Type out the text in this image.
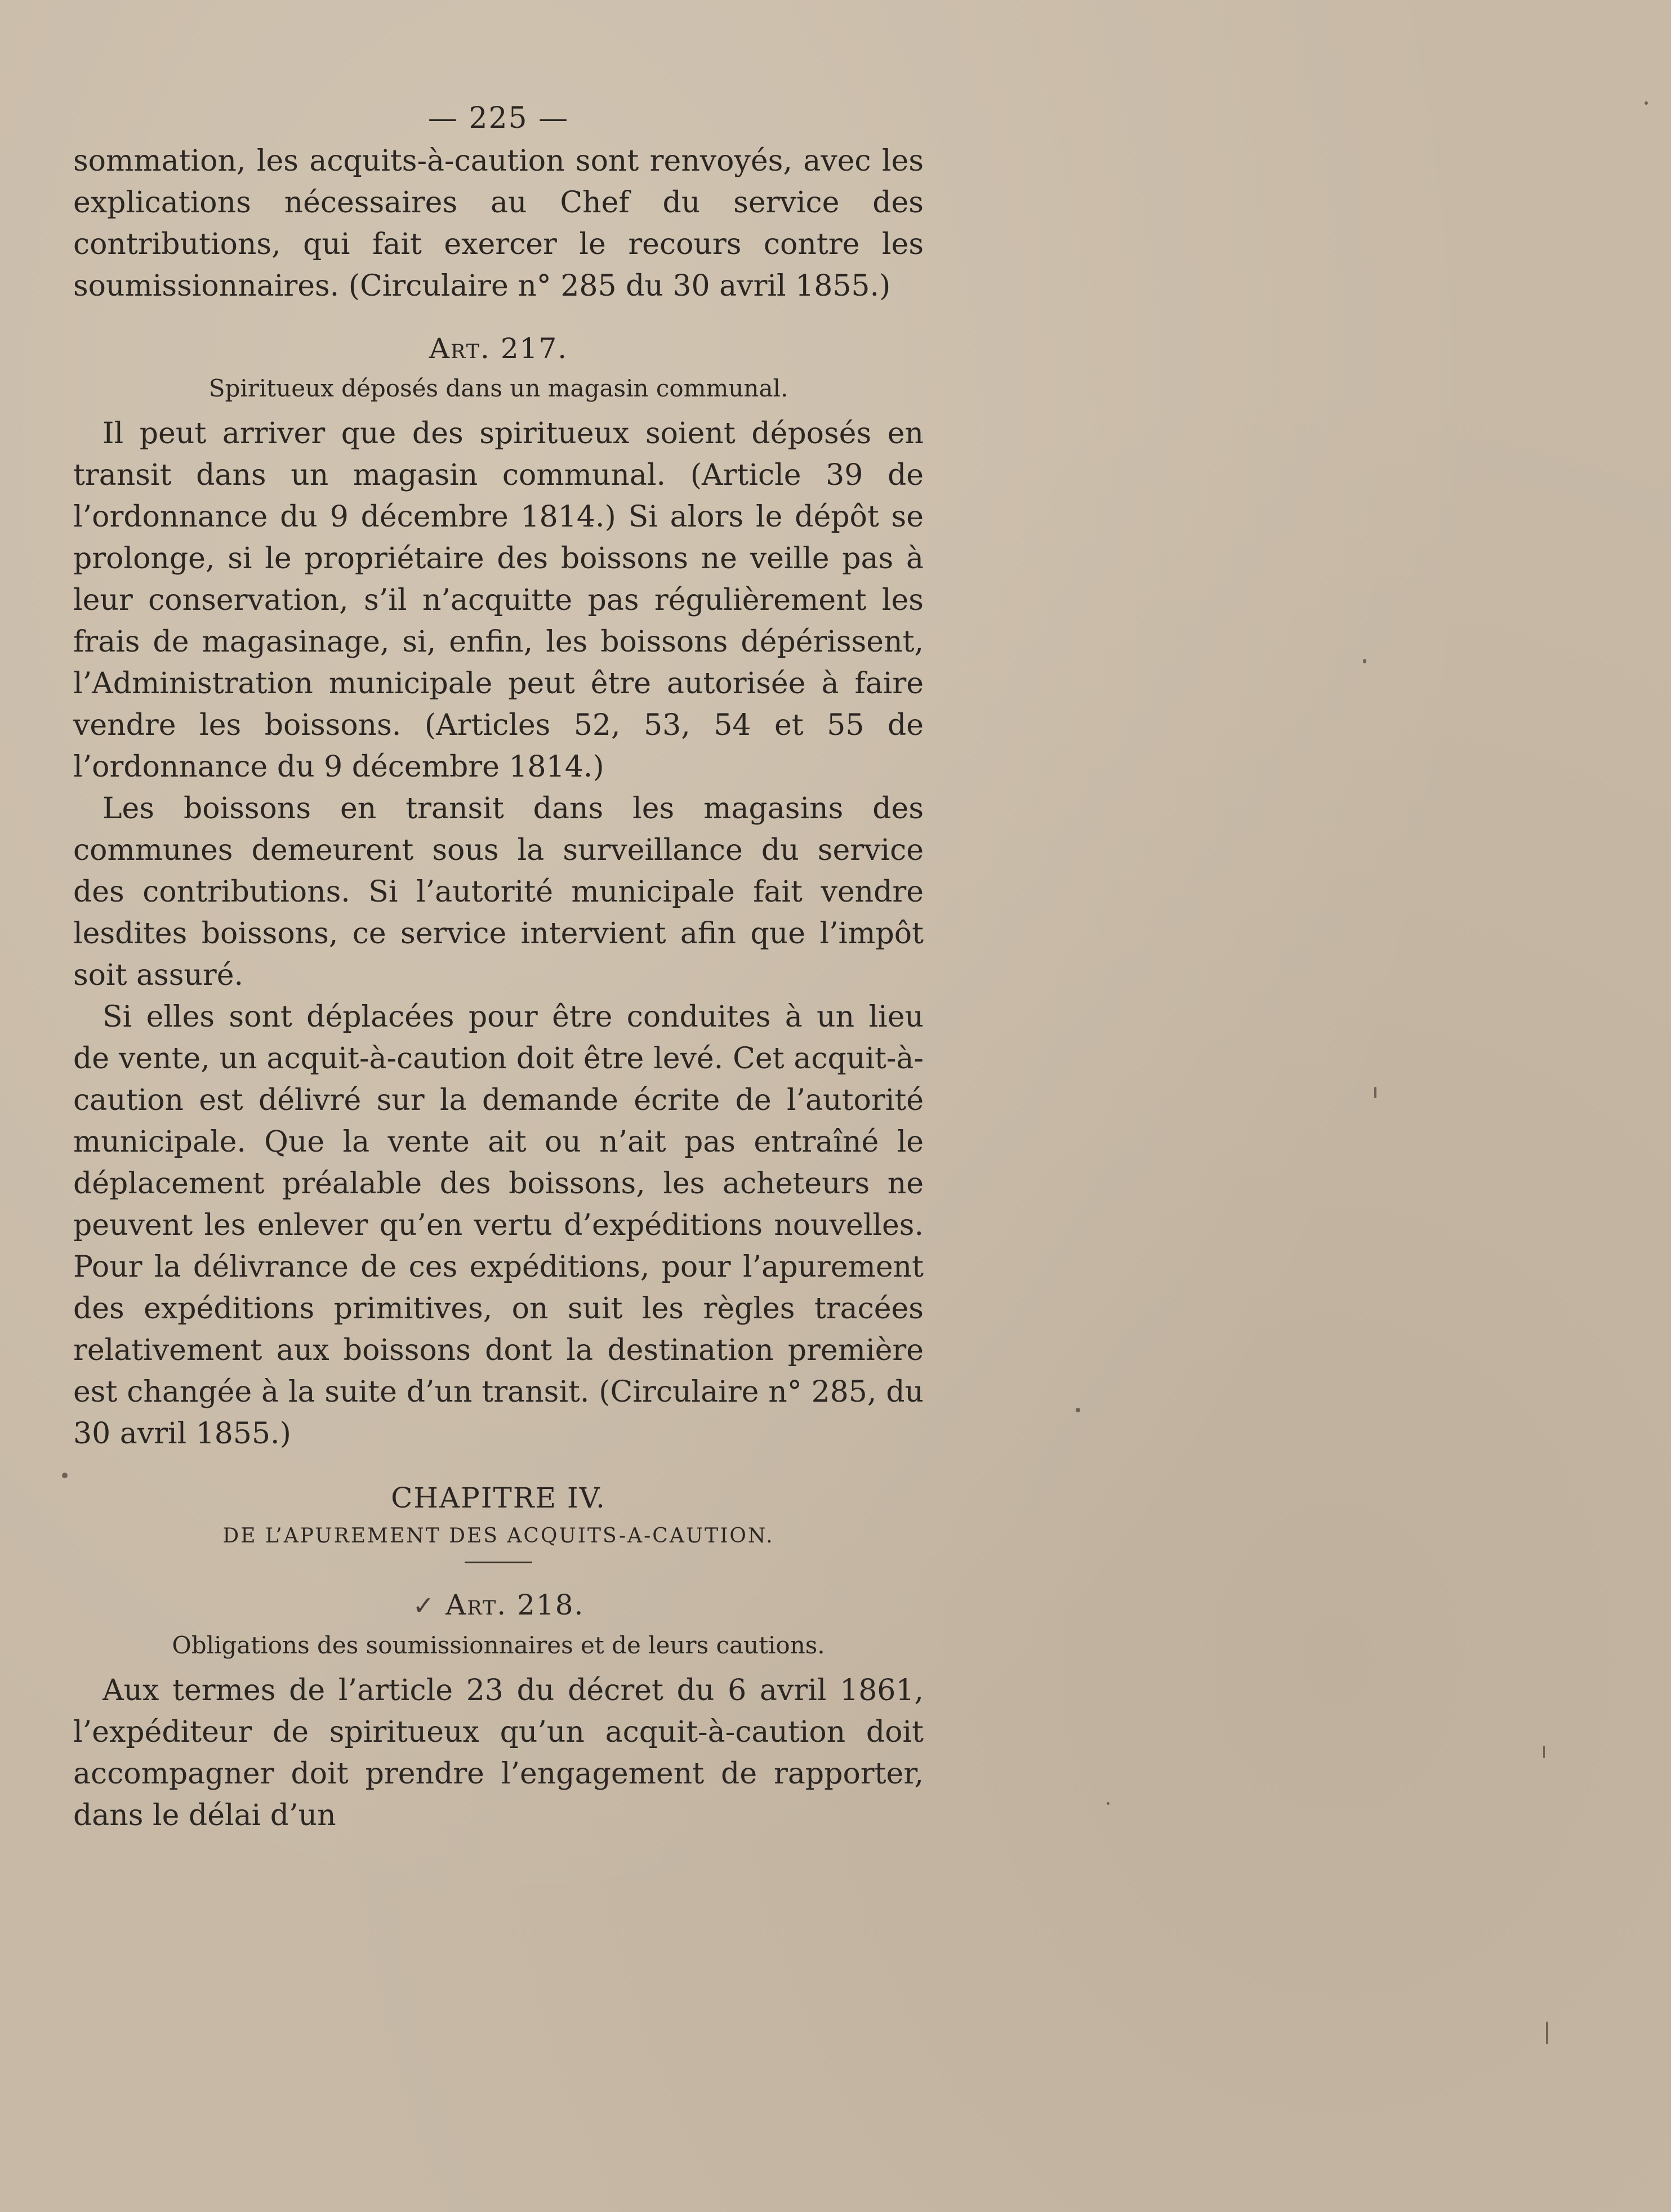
— 225 —

sommation, les acquits-à-caution sont renvoyés, avec les explications nécessaires au Chef du service des contributions, qui fait exercer le recours contre les soumissionnaires. (Circulaire n° 285 du 30 avril 1855.)

Art. 217.
Spiritueux déposés dans un magasin communal.

Il peut arriver que des spiritueux soient déposés en transit dans un magasin communal. (Article 39 de l’ordonnance du 9 décembre 1814.) Si alors le dépôt se prolonge, si le propriétaire des boissons ne veille pas à leur conservation, s’il n’acquitte pas régulièrement les frais de magasinage, si, enfin, les boissons dépérissent, l’Administration municipale peut être autorisée à faire vendre les boissons. (Articles 52, 53, 54 et 55 de l’ordonnance du 9 décembre 1814.)

Les boissons en transit dans les magasins des communes demeurent sous la surveillance du service des contributions. Si l’autorité municipale fait vendre lesdites boissons, ce service intervient afin que l’impôt soit assuré.

Si elles sont déplacées pour être conduites à un lieu de vente, un acquit-à-caution doit être levé. Cet acquit-à-caution est délivré sur la demande écrite de l’autorité municipale. Que la vente ait ou n’ait pas entraîné le déplacement préalable des boissons, les acheteurs ne peuvent les enlever qu’en vertu d’expéditions nouvelles. Pour la délivrance de ces expéditions, pour l’apurement des expéditions primitives, on suit les règles tracées relativement aux boissons dont la destination première est changée à la suite d’un transit. (Circulaire n° 285, du 30 avril 1855.)

CHAPITRE IV.
DE L’APUREMENT DES ACQUITS-A-CAUTION.
✓ Art. 218.
Obligations des soumissionnaires et de leurs cautions.

Aux termes de l’article 23 du décret du 6 avril 1861, l’expéditeur de spiritueux qu’un acquit-à-caution doit accompagner doit prendre l’engagement de rapporter, dans le délai d’un
